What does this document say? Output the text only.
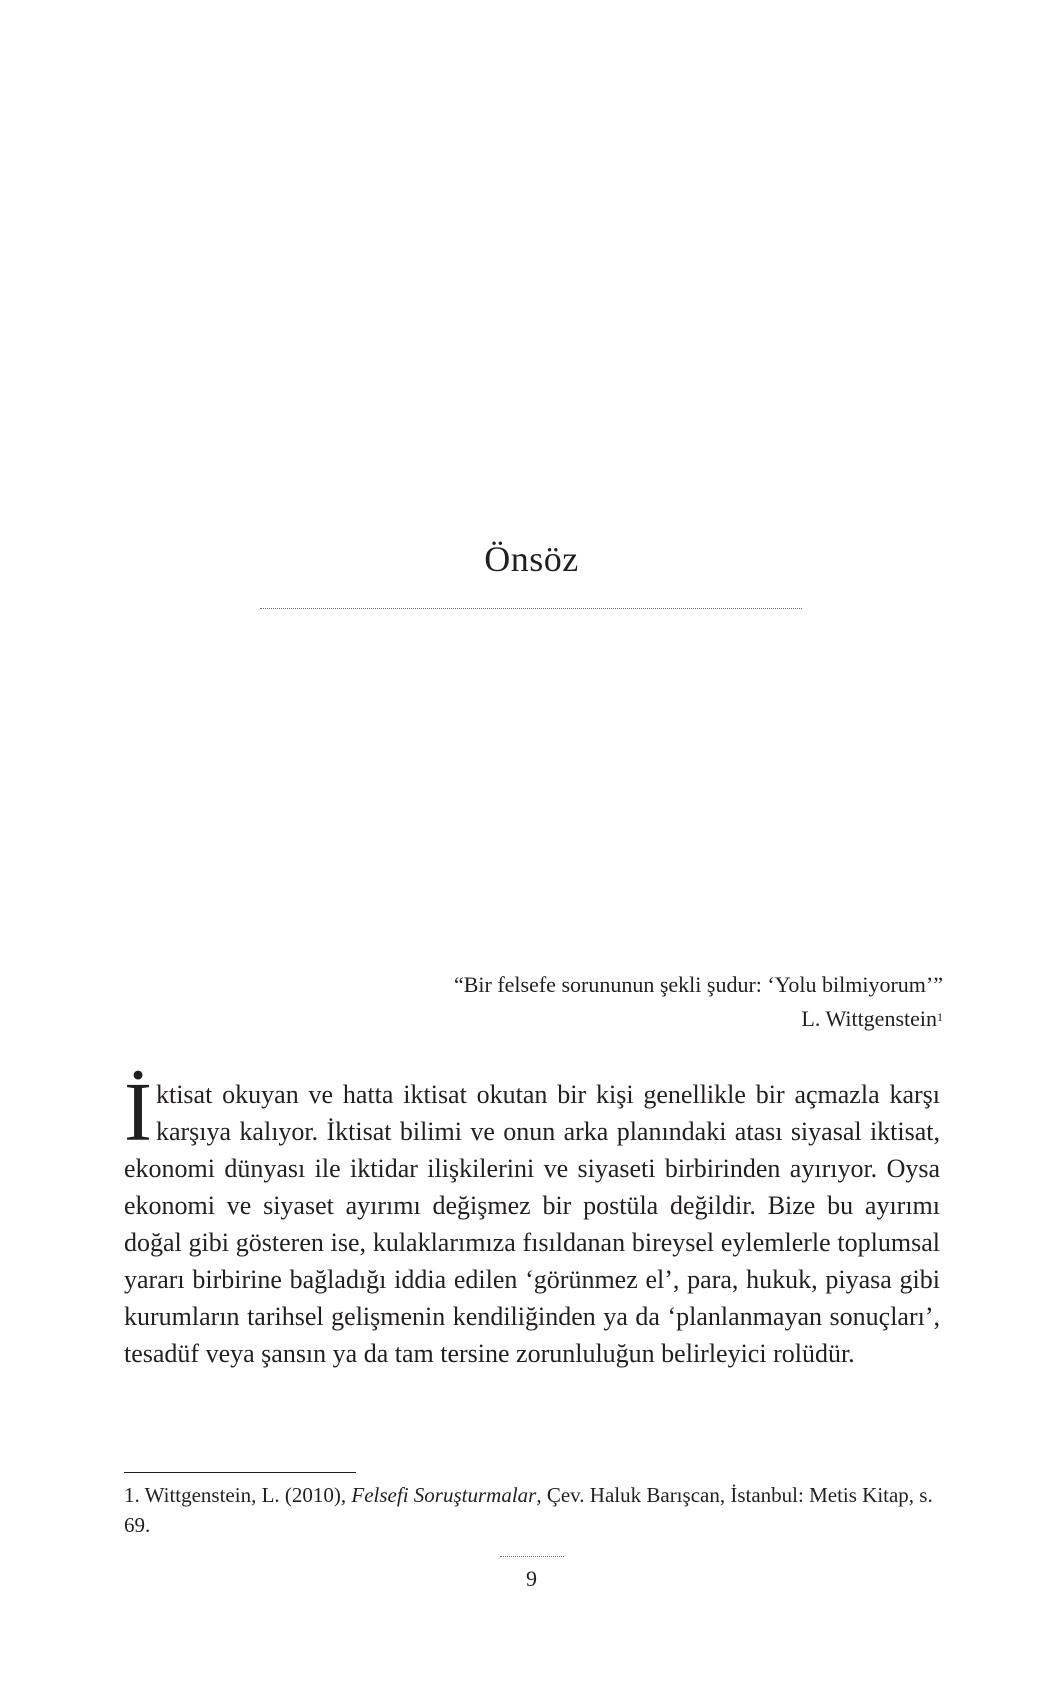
Önsöz
“Bir felsefe sorununun şekli şudur: ‘Yolu bilmiyorum’”
L. Wittgenstein$^1$

İktisat okuyan ve hatta iktisat okutan bir kişi genellikle bir açmazla karşı karşıya kalıyor. İktisat bilimi ve onun arka planındaki atası siyasal iktisat, ekonomi dünyası ile iktidar ilişkilerini ve siyaseti birbirinden ayırıyor. Oysa ekonomi ve siyaset ayırımı değişmez bir postüla değildir. Bize bu ayırımı doğal gibi gösteren ise, kulaklarımıza fısıldanan bireysel eylemlerle toplumsal yararı birbirine bağladığı iddia edilen ‘görünmez el’, para, hukuk, piyasa gibi kurumların tarihsel gelişmenin kendiliğinden ya da ‘planlanmayan sonuçları’, tesadüf veya şansın ya da tam tersine zorunluluğun belirleyici rolüdür.

1. Wittgenstein, L. (2010), Felsefi Soruşturmalar, Çev. Haluk Barışcan, İstanbul: Metis Kitap, s. 69.

9
